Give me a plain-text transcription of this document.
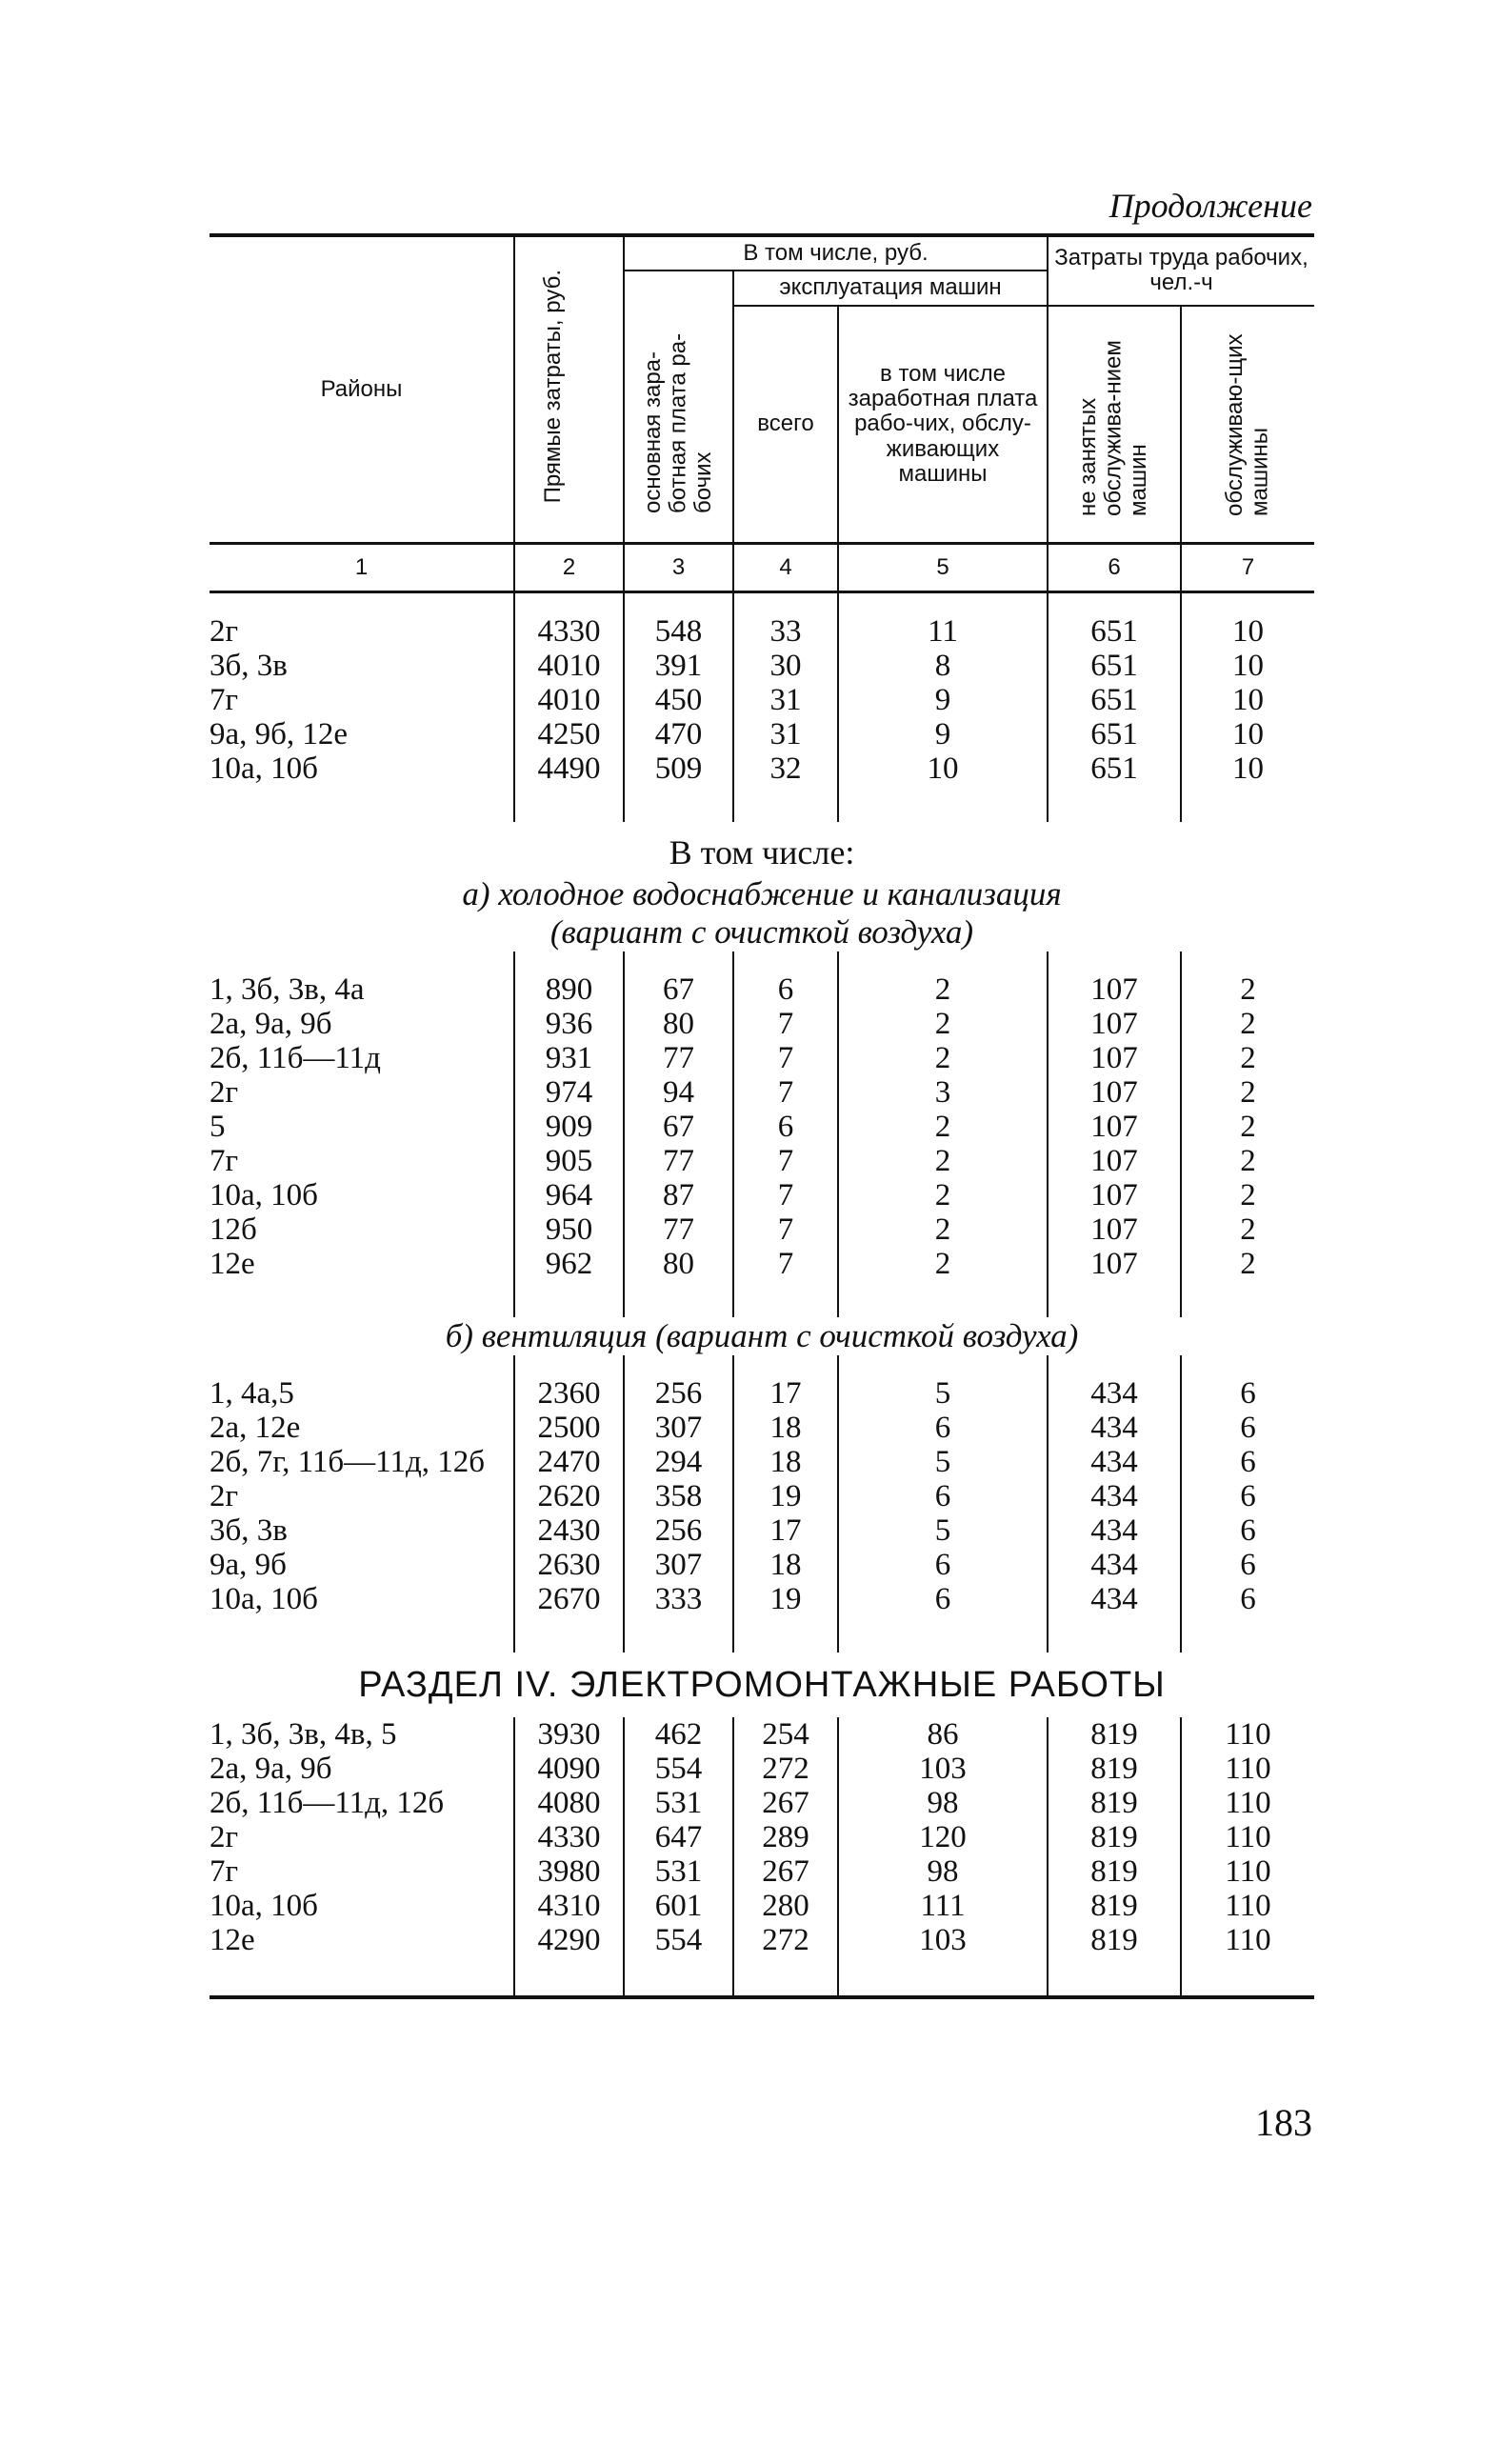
Продолжение
Районы	Прямые затраты, руб.	В том числе, руб.			Затраты труда рабочих, чел.-ч	
		основная зара-ботная плата ра-бочих	эксплуатация машин			
			всего	в том числе заработная плата рабо-чих, обслу-живающих машины	не занятых обслужива-нием машин	обслуживаю-щих машины
1	2	3	4	5	6	7

2г	4330	548	33	11	651	10
3б, 3в	4010	391	30	8	651	10
7г	4010	450	31	9	651	10
9а, 9б, 12е	4250	470	31	9	651	10
10а, 10б	4490	509	32	10	651	10

В том числе:
а) холодное водоснабжение и канализация
(вариант с очисткой воздуха)						

1, 3б, 3в, 4а	890	67	6	2	107	2
2а, 9а, 9б	936	80	7	2	107	2
2б, 11б—11д	931	77	7	2	107	2
2г	974	94	7	3	107	2
5	909	67	6	2	107	2
7г	905	77	7	2	107	2
10а, 10б	964	87	7	2	107	2
12б	950	77	7	2	107	2
12е	962	80	7	2	107	2

б) вентиляция (вариант с очисткой воздуха)						

1, 4а,5	2360	256	17	5	434	6
2а, 12е	2500	307	18	6	434	6
2б, 7г, 11б—11д, 12б	2470	294	18	5	434	6
2г	2620	358	19	6	434	6
3б, 3в	2430	256	17	5	434	6
9а, 9б	2630	307	18	6	434	6
10а, 10б	2670	333	19	6	434	6

РАЗДЕЛ IV. ЭЛЕКТРОМОНТАЖНЫЕ РАБОТЫ						

1, 3б, 3в, 4в, 5	3930	462	254	86	819	110
2а, 9а, 9б	4090	554	272	103	819	110
2б, 11б—11д, 12б	4080	531	267	98	819	110
2г	4330	647	289	120	819	110
7г	3980	531	267	98	819	110
10а, 10б	4310	601	280	111	819	110
12е	4290	554	272	103	819	110

183
